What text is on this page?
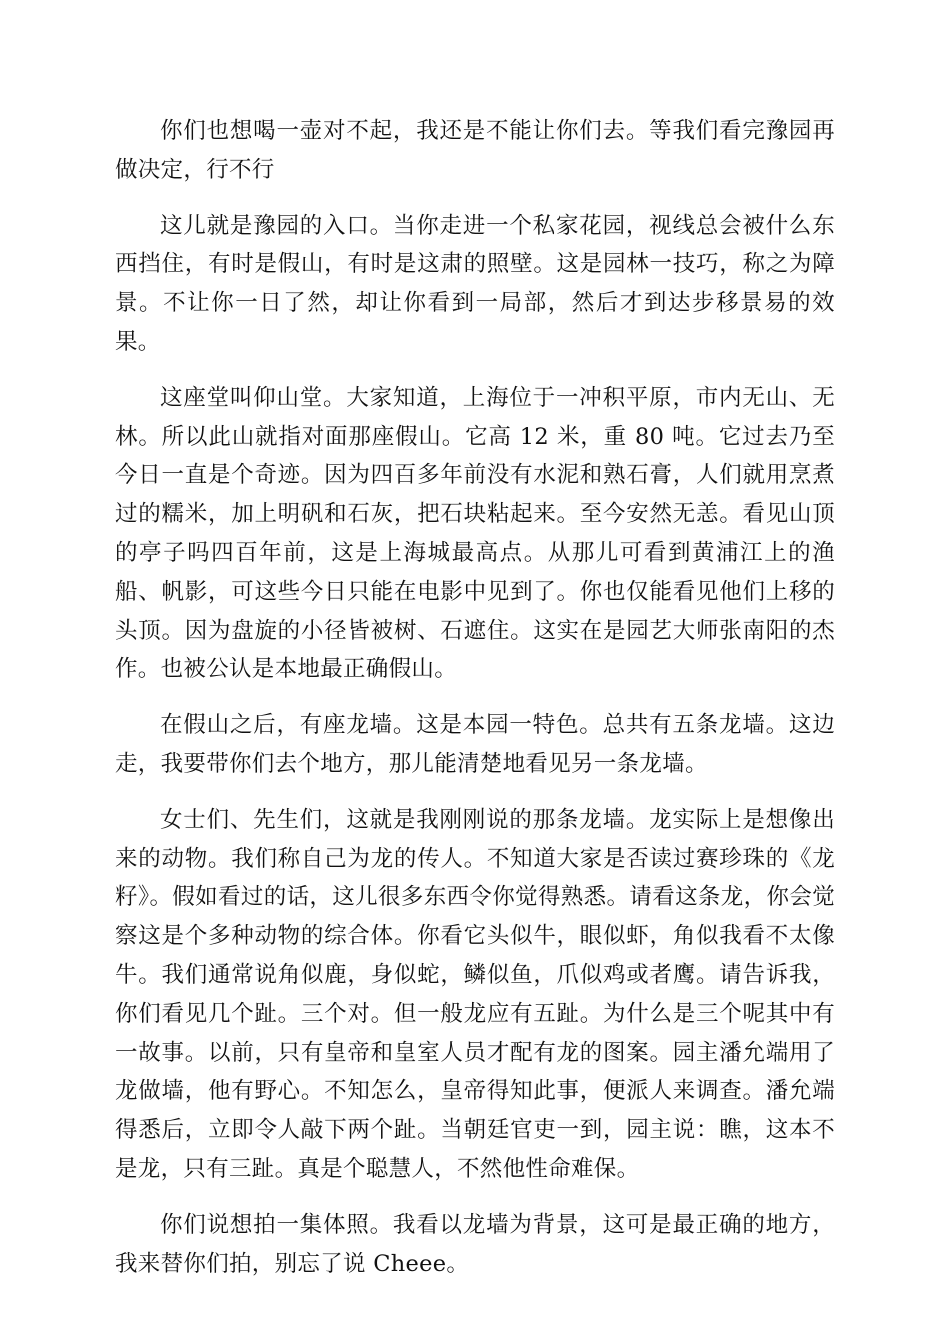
你们也想喝一壶对不起，我还是不能让你们去。等我们看完豫园再做决定，行不行

这儿就是豫园的入口。当你走进一个私家花园，视线总会被什么东西挡住，有时是假山，有时是这肃的照壁。这是园林一技巧，称之为障景。不让你一日了然，却让你看到一局部，然后才到达步移景易的效果。

这座堂叫仰山堂。大家知道，上海位于一冲积平原，市内无山、无林。所以此山就指对面那座假山。它高 12 米，重 80 吨。它过去乃至今日一直是个奇迹。因为四百多年前没有水泥和熟石膏，人们就用烹煮过的糯米，加上明矾和石灰，把石块粘起来。至今安然无恙。看见山顶的亭子吗四百年前，这是上海城最高点。从那儿可看到黄浦江上的渔船、帆影，可这些今日只能在电影中见到了。你也仅能看见他们上移的头顶。因为盘旋的小径皆被树、石遮住。这实在是园艺大师张南阳的杰作。也被公认是本地最正确假山。

在假山之后，有座龙墙。这是本园一特色。总共有五条龙墙。这边走，我要带你们去个地方，那儿能清楚地看见另一条龙墙。

女士们、先生们，这就是我刚刚说的那条龙墙。龙实际上是想像出来的动物。我们称自己为龙的传人。不知道大家是否读过赛珍珠的《龙籽》。假如看过的话，这儿很多东西令你觉得熟悉。请看这条龙，你会觉察这是个多种动物的综合体。你看它头似牛，眼似虾，角似我看不太像牛。我们通常说角似鹿，身似蛇，鳞似鱼，爪似鸡或者鹰。请告诉我，你们看见几个趾。三个对。但一般龙应有五趾。为什么是三个呢其中有一故事。以前，只有皇帝和皇室人员才配有龙的图案。园主潘允端用了龙做墙，他有野心。不知怎么，皇帝得知此事，便派人来调查。潘允端得悉后，立即令人敲下两个趾。当朝廷官吏一到，园主说：瞧，这本不是龙，只有三趾。真是个聪慧人，不然他性命难保。

你们说想拍一集体照。我看以龙墙为背景，这可是最正确的地方，我来替你们拍，别忘了说 Cheee。
